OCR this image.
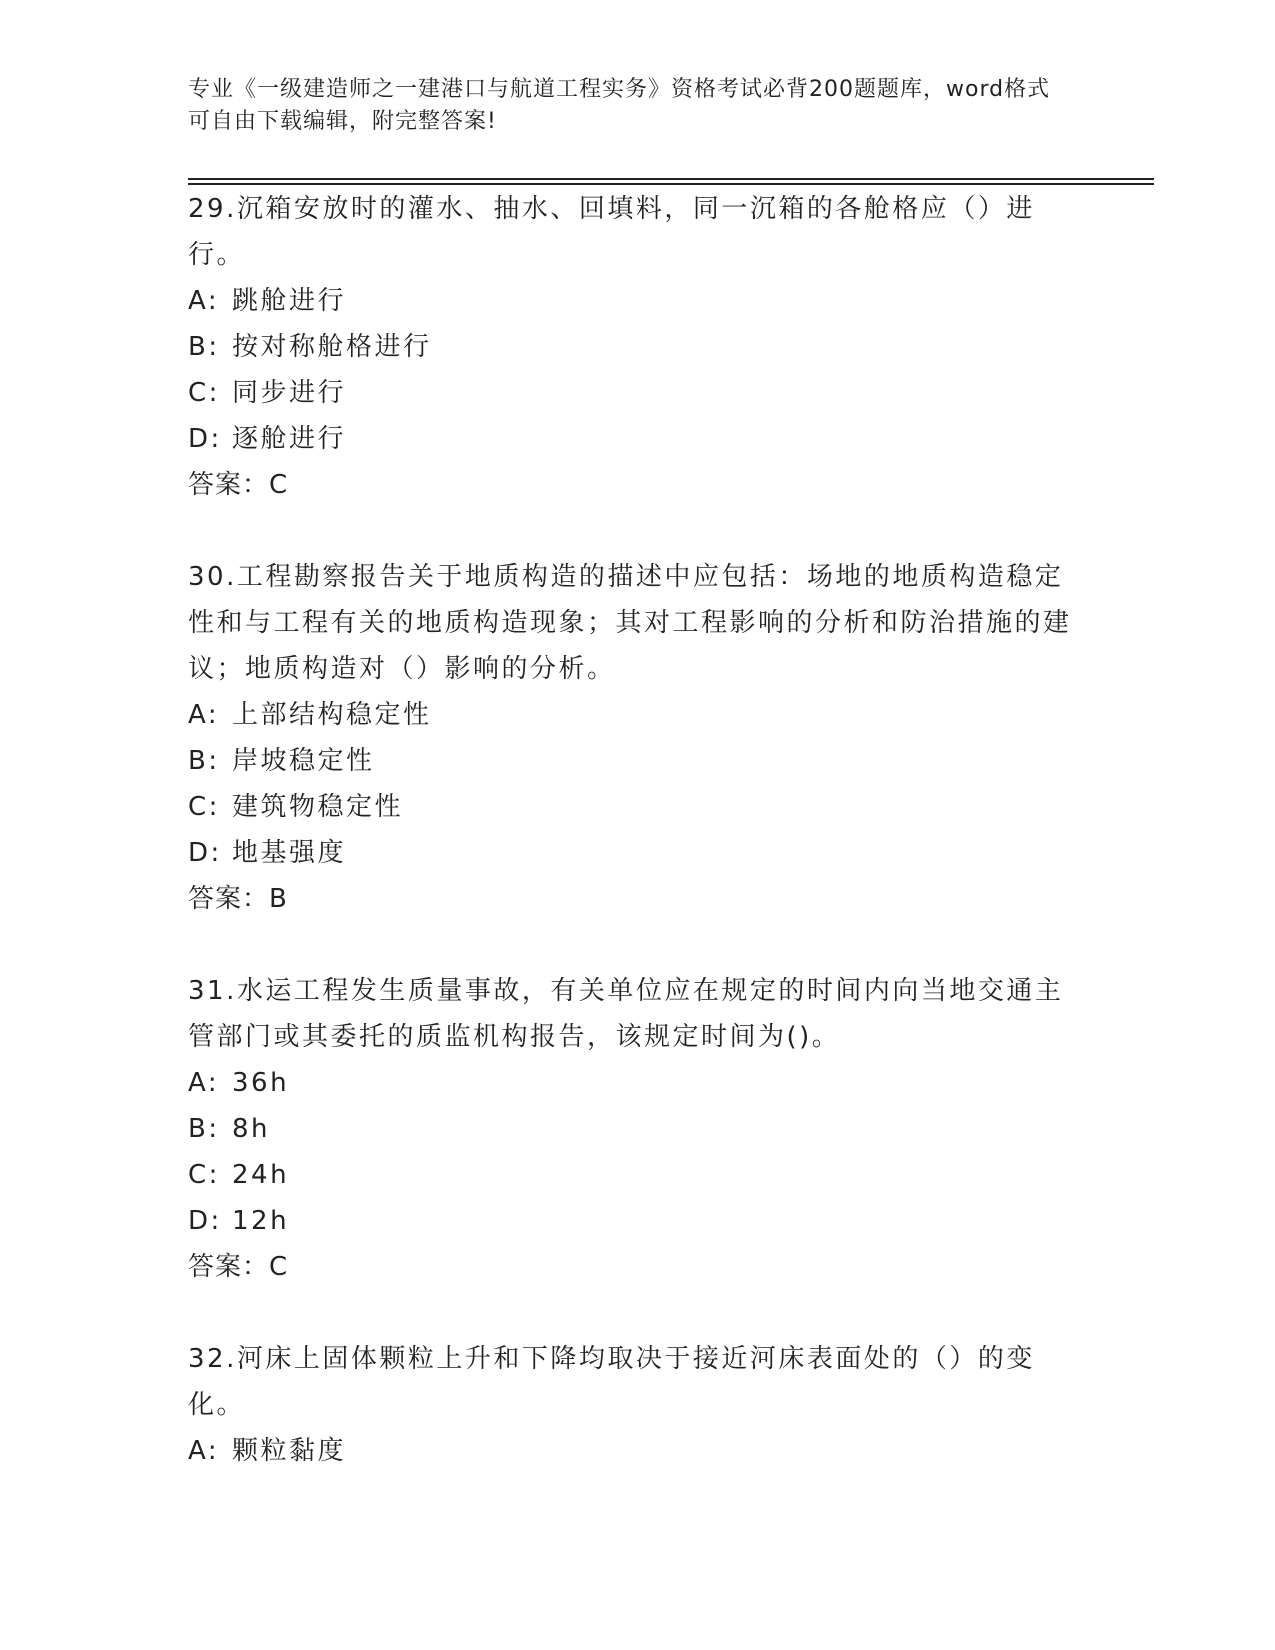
专业《一级建造师之一建港口与航道工程实务》资格考试必背200题题库，word格式可自由下载编辑，附完整答案!

29.沉箱安放时的灌水、抽水、回填料，同一沉箱的各舱格应（）进行。

A: 跳舱进行
B: 按对称舱格进行
C: 同步进行
D: 逐舱进行
答案：C

30.工程勘察报告关于地质构造的描述中应包括：场地的地质构造稳定性和与工程有关的地质构造现象；其对工程影响的分析和防治措施的建议；地质构造对（）影响的分析。

A: 上部结构稳定性
B: 岸坡稳定性
C: 建筑物稳定性
D: 地基强度
答案：B

31.水运工程发生质量事故，有关单位应在规定的时间内向当地交通主管部门或其委托的质监机构报告，该规定时间为()。

A: 36h
B: 8h
C: 24h
D: 12h
答案：C

32.河床上固体颗粒上升和下降均取决于接近河床表面处的（）的变化。

A: 颗粒黏度
